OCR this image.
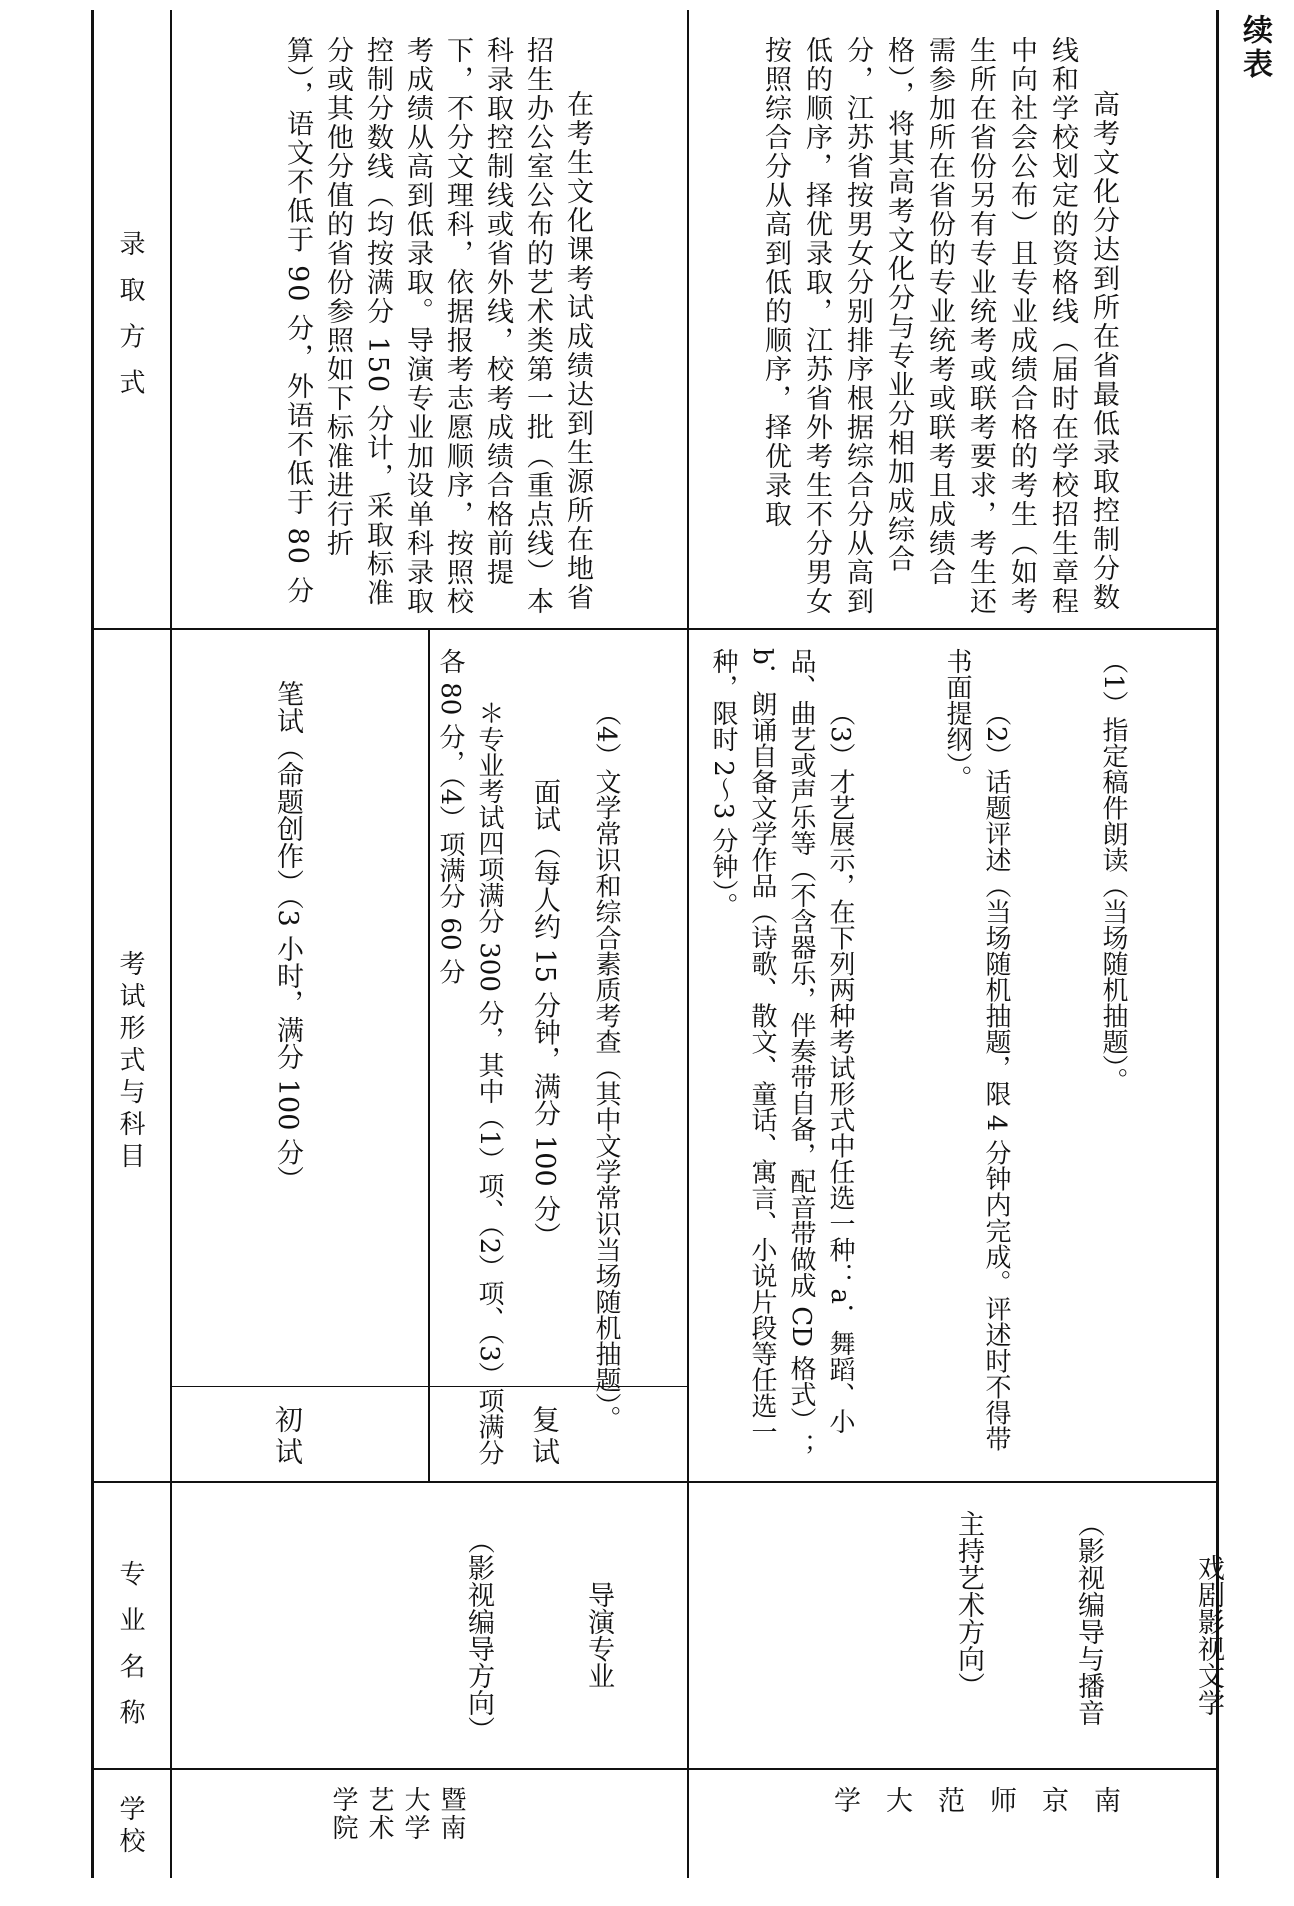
续表
录 取 方 式
考试形式与科目
专 业 名 称
学校

在考生文化课考试成绩达到生源所在地省招生办公室公布的艺术类第一批（重点线）本科录取控制线或省外线，校考成绩合格前提下，不分文理科，依据报考志愿顺序，按照校考成绩从高到低录取。导演专业加设单科录取控制分数线（均按满分 150 分计，采取标准分或其他分值的省份参照如下标准进行折算），语文不低于 90 分，外语不低于 80 分

初试
笔试（命题创作）（3 小时，满分 100 分）
复试
面试（每人约 15 分钟，满分 100 分）

导演专业

（影视编导方向）

暨南大学艺术学院

高考文化分达到所在省最低录取控制分数线和学校划定的资格线（届时在学校招生章程中向社会公布）且专业成绩合格的考生（如考生所在省份另有专业统考或联考要求，考生还需参加所在省份的专业统考或联考且成绩合格），将其高考文化分与专业分相加成综合分，江苏省按男女分别排序根据综合分从高到低的顺序，择优录取，江苏省外考生不分男女按照综合分从高到低的顺序，择优录取

（1）指定稿件朗读（当场随机抽题）。

（2）话题评述（当场随机抽题，限 4 分钟内完成。评述时不得带书面提纲）。

（3）才艺展示，在下列两种考试形式中任选一种：a．舞蹈、小品、曲艺或声乐等（不含器乐，伴奏带自备，配音带做成 CD 格式）；b．朗诵自备文学作品（诗歌、散文、童话、寓言、小说片段等任选一种，限时 2～3 分钟）。

（4）文学常识和综合素质考查（其中文学常识当场随机抽题）。

＊专业考试四项满分 300 分，其中（1）项、（2）项、（3）项满分各 80 分，（4）项满分 60 分

戏剧影视文学

（影视编导与播音

主持艺术方向）

南京师范大学
